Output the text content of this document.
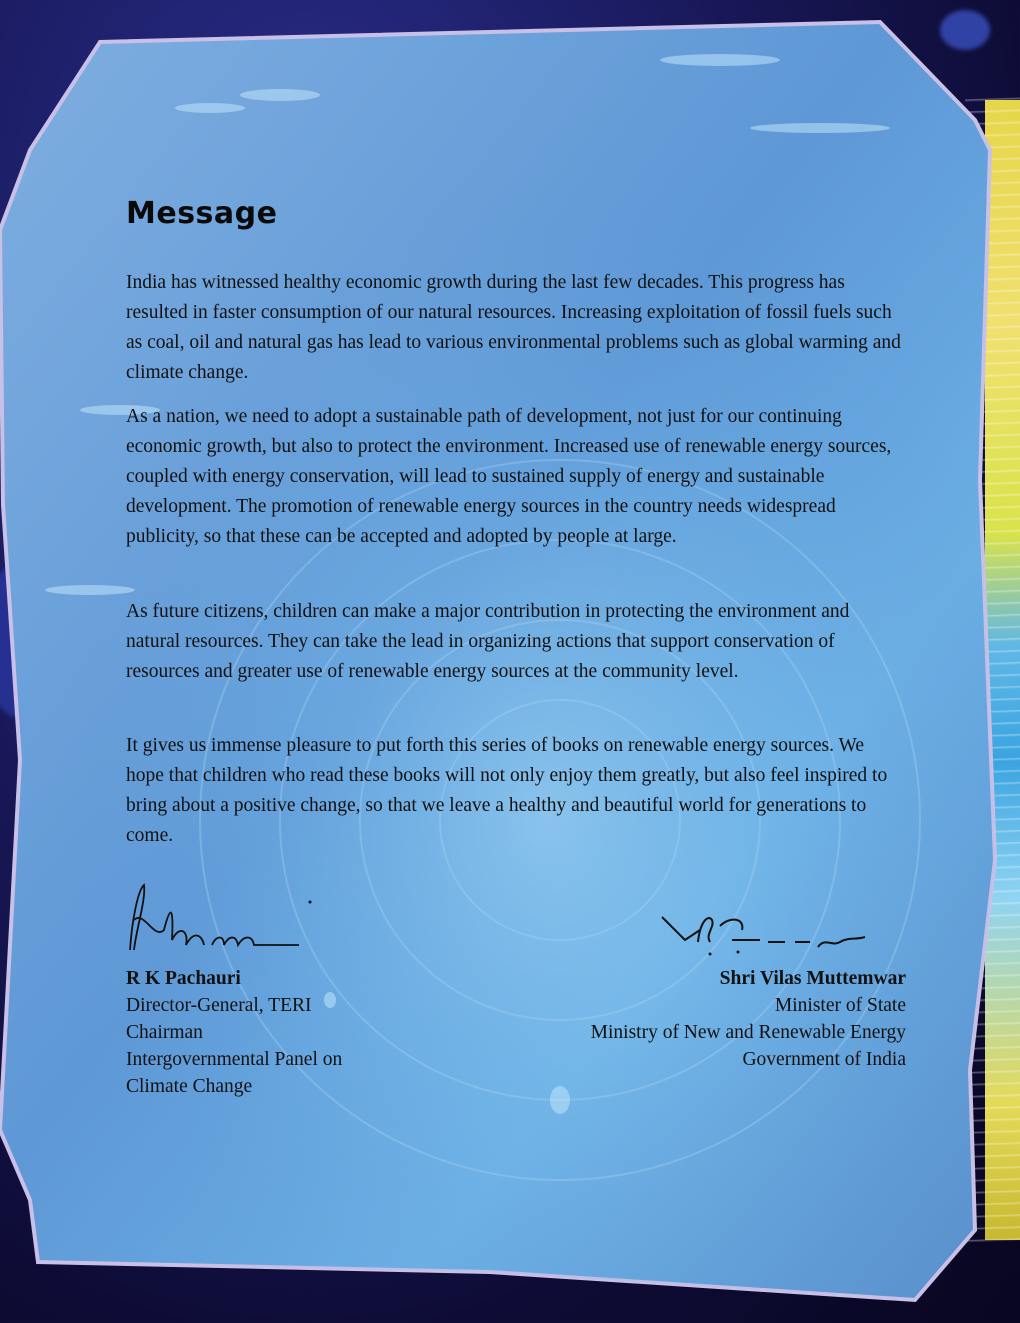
Message

India has witnessed healthy economic growth during the last few decades. This progress has resulted in faster consumption of our natural resources. Increasing exploitation of fossil fuels such as coal, oil and natural gas has lead to various environmental problems such as global warming and climate change.

As a nation, we need to adopt a sustainable path of development, not just for our continuing economic growth, but also to protect the environment. Increased use of renewable energy sources, coupled with energy conservation, will lead to sustained supply of energy and sustainable development. The promotion of renewable energy sources in the country needs widespread publicity, so that these can be accepted and adopted by people at large.

As future citizens, children can make a major contribution in protecting the environment and natural resources. They can take the lead in organizing actions that support conservation of resources and greater use of renewable energy sources at the community level.

It gives us immense pleasure to put forth this series of books on renewable energy sources. We hope that children who read these books will not only enjoy them greatly, but also feel inspired to bring about a positive change, so that we leave a healthy and beautiful world for generations to come.

R K Pachauri
Director-General, TERI
Chairman
Intergovernmental Panel on
Climate Change
Shri Vilas Muttemwar
Minister of State
Ministry of New and Renewable Energy
Government of India
